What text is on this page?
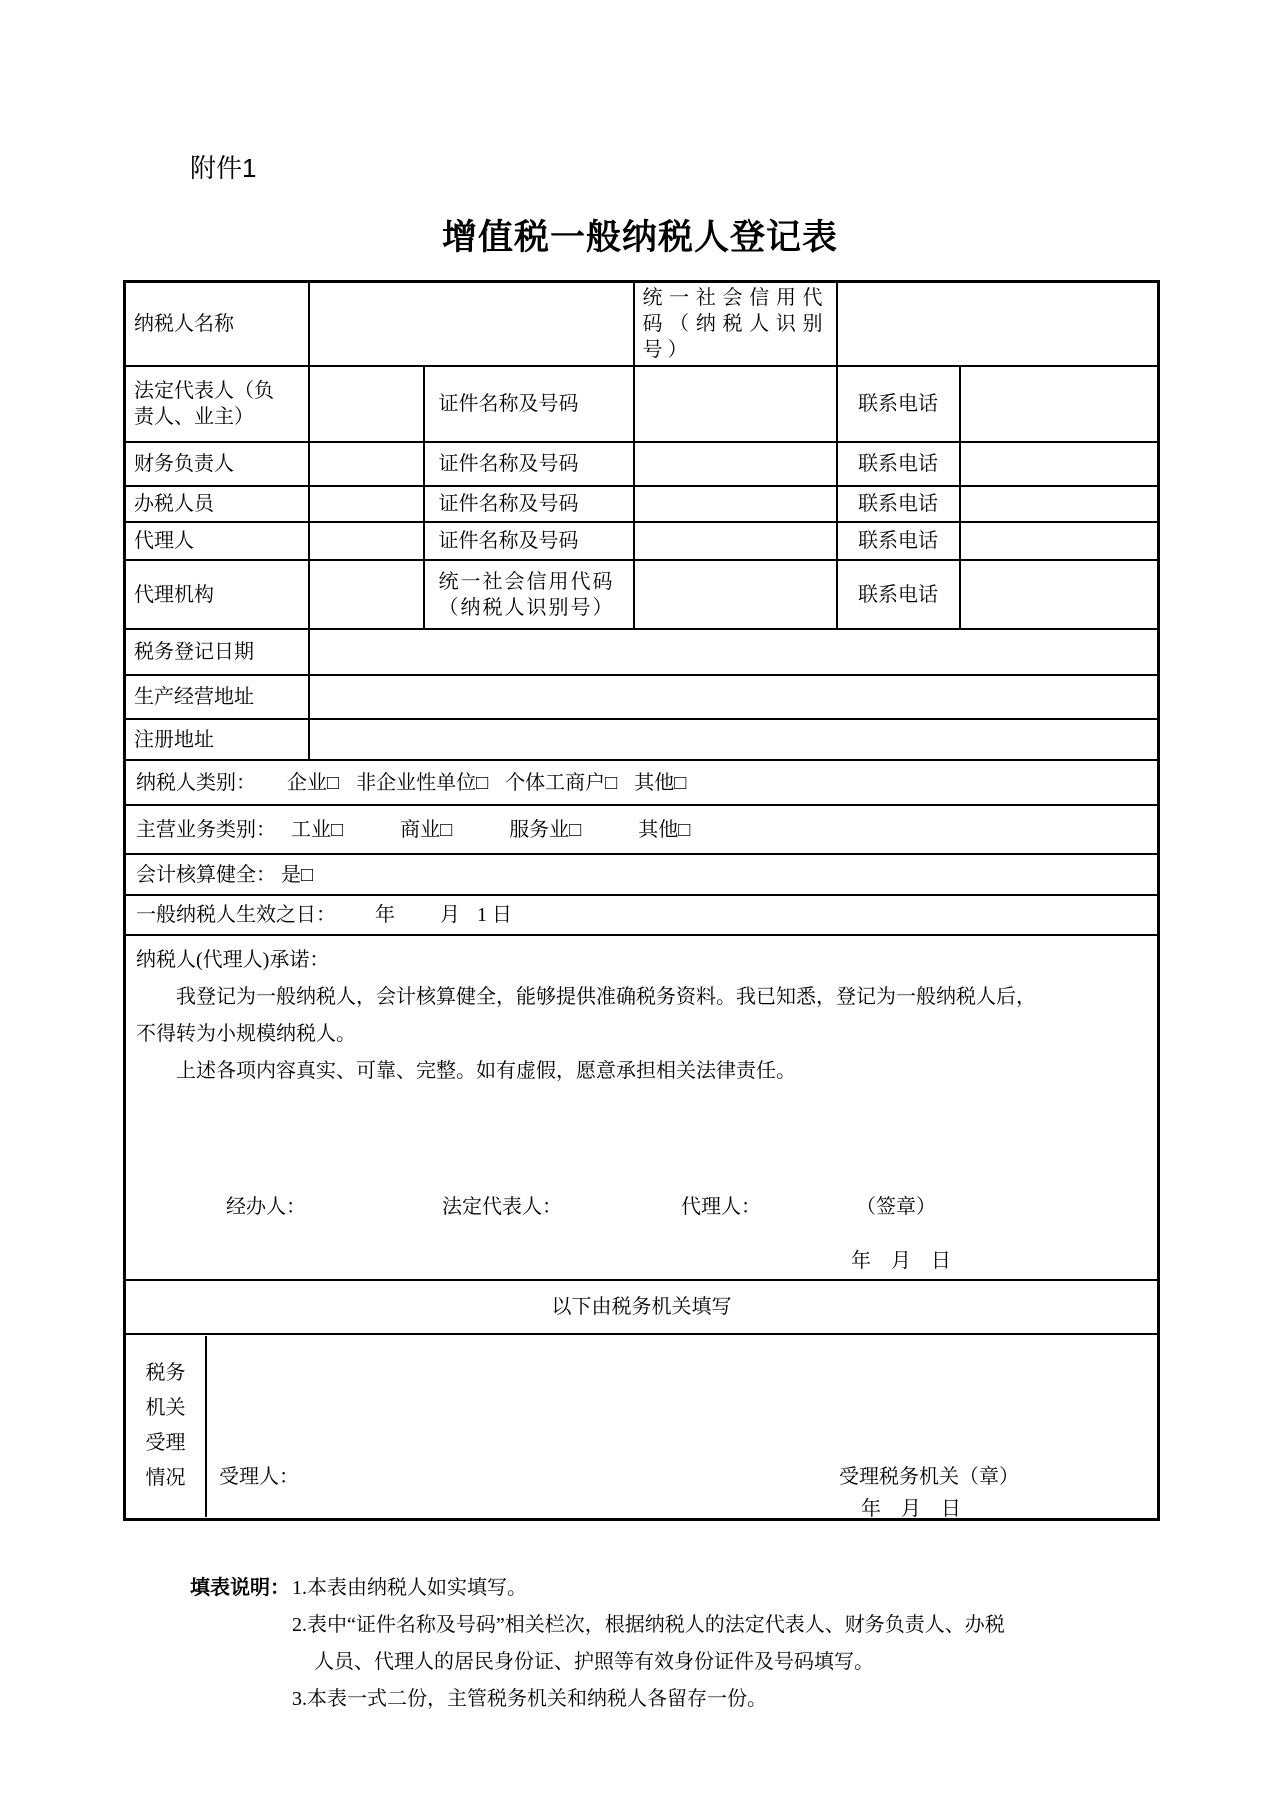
附件1
增值税一般纳税人登记表
纳税人名称			统一社会信用代码（纳税人识别号）		
法定代表人（负责人、业主）		证件名称及号码		联系电话	
财务负责人		证件名称及号码		联系电话	
办税人员		证件名称及号码		联系电话	
代理人		证件名称及号码		联系电话	
代理机构		统一社会信用代码（纳税人识别号）		联系电话	
税务登记日期					
生产经营地址					
注册地址					
纳税人类别： 企业□ 非企业性单位□ 个体工商户□ 其他□					
主营业务类别： 工业□ 商业□ 服务业□ 其他□					
会计核算健全： 是□					
一般纳税人生效之日： 年 月 1 日					

纳税人(代理人)承诺：
我登记为一般纳税人，会计核算健全，能够提供准确税务资料。我已知悉，登记为一般纳税人后，不得转为小规模纳税人。
上述各项内容真实、可靠、完整。如有虚假，愿意承担相关法律责任。
经办人：	法定代表人：	代理人：	（签章）
年　月　日

以下由税务机关填写					

税务
机关
受理
情况 受理人：	受理税务机关（章）
年　月　日
填表说明： 1.本表由纳税人如实填写。
2.表中“证件名称及号码”相关栏次，根据纳税人的法定代表人、财务负责人、办税人员、代理人的居民身份证、护照等有效身份证件及号码填写。
3.本表一式二份，主管税务机关和纳税人各留存一份。
